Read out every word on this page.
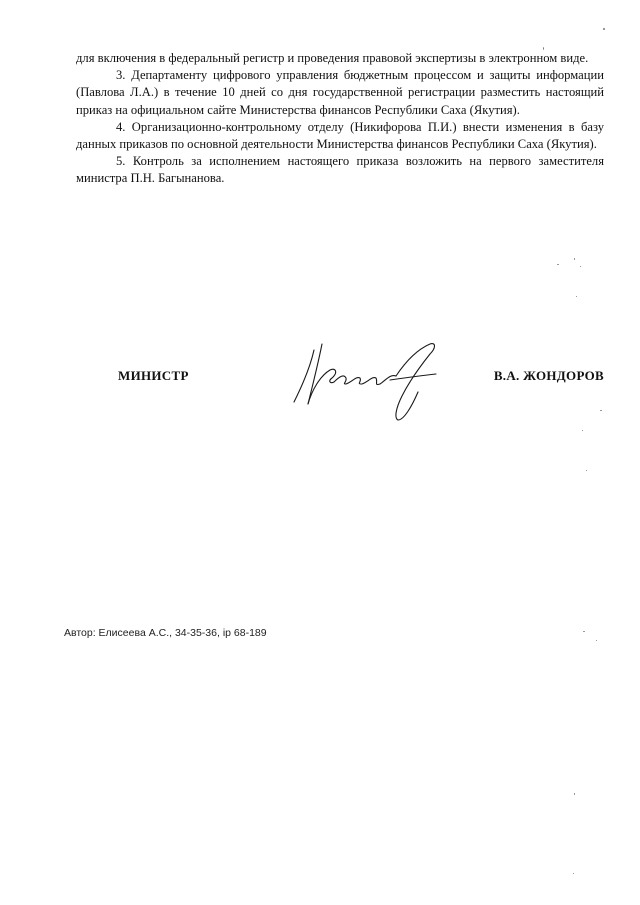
для включения в федеральный регистр и проведения правовой экспертизы в электронном виде.

3. Департаменту цифрового управления бюджетным процессом и защиты информации (Павлова Л.А.) в течение 10 дней со дня государственной регистрации разместить настоящий приказ на официальном сайте Министерства финансов Республики Саха (Якутия).

4. Организационно-контрольному отделу (Никифорова П.И.) внести изменения в базу данных приказов по основной деятельности Министерства финансов Республики Саха (Якутия).

5. Контроль за исполнением настоящего приказа возложить на первого заместителя министра П.Н. Багынанова.

МИНИСТР	В.А. ЖОНДОРОВ
Автор: Елисеева А.С., 34-35-36, ip 68-189
